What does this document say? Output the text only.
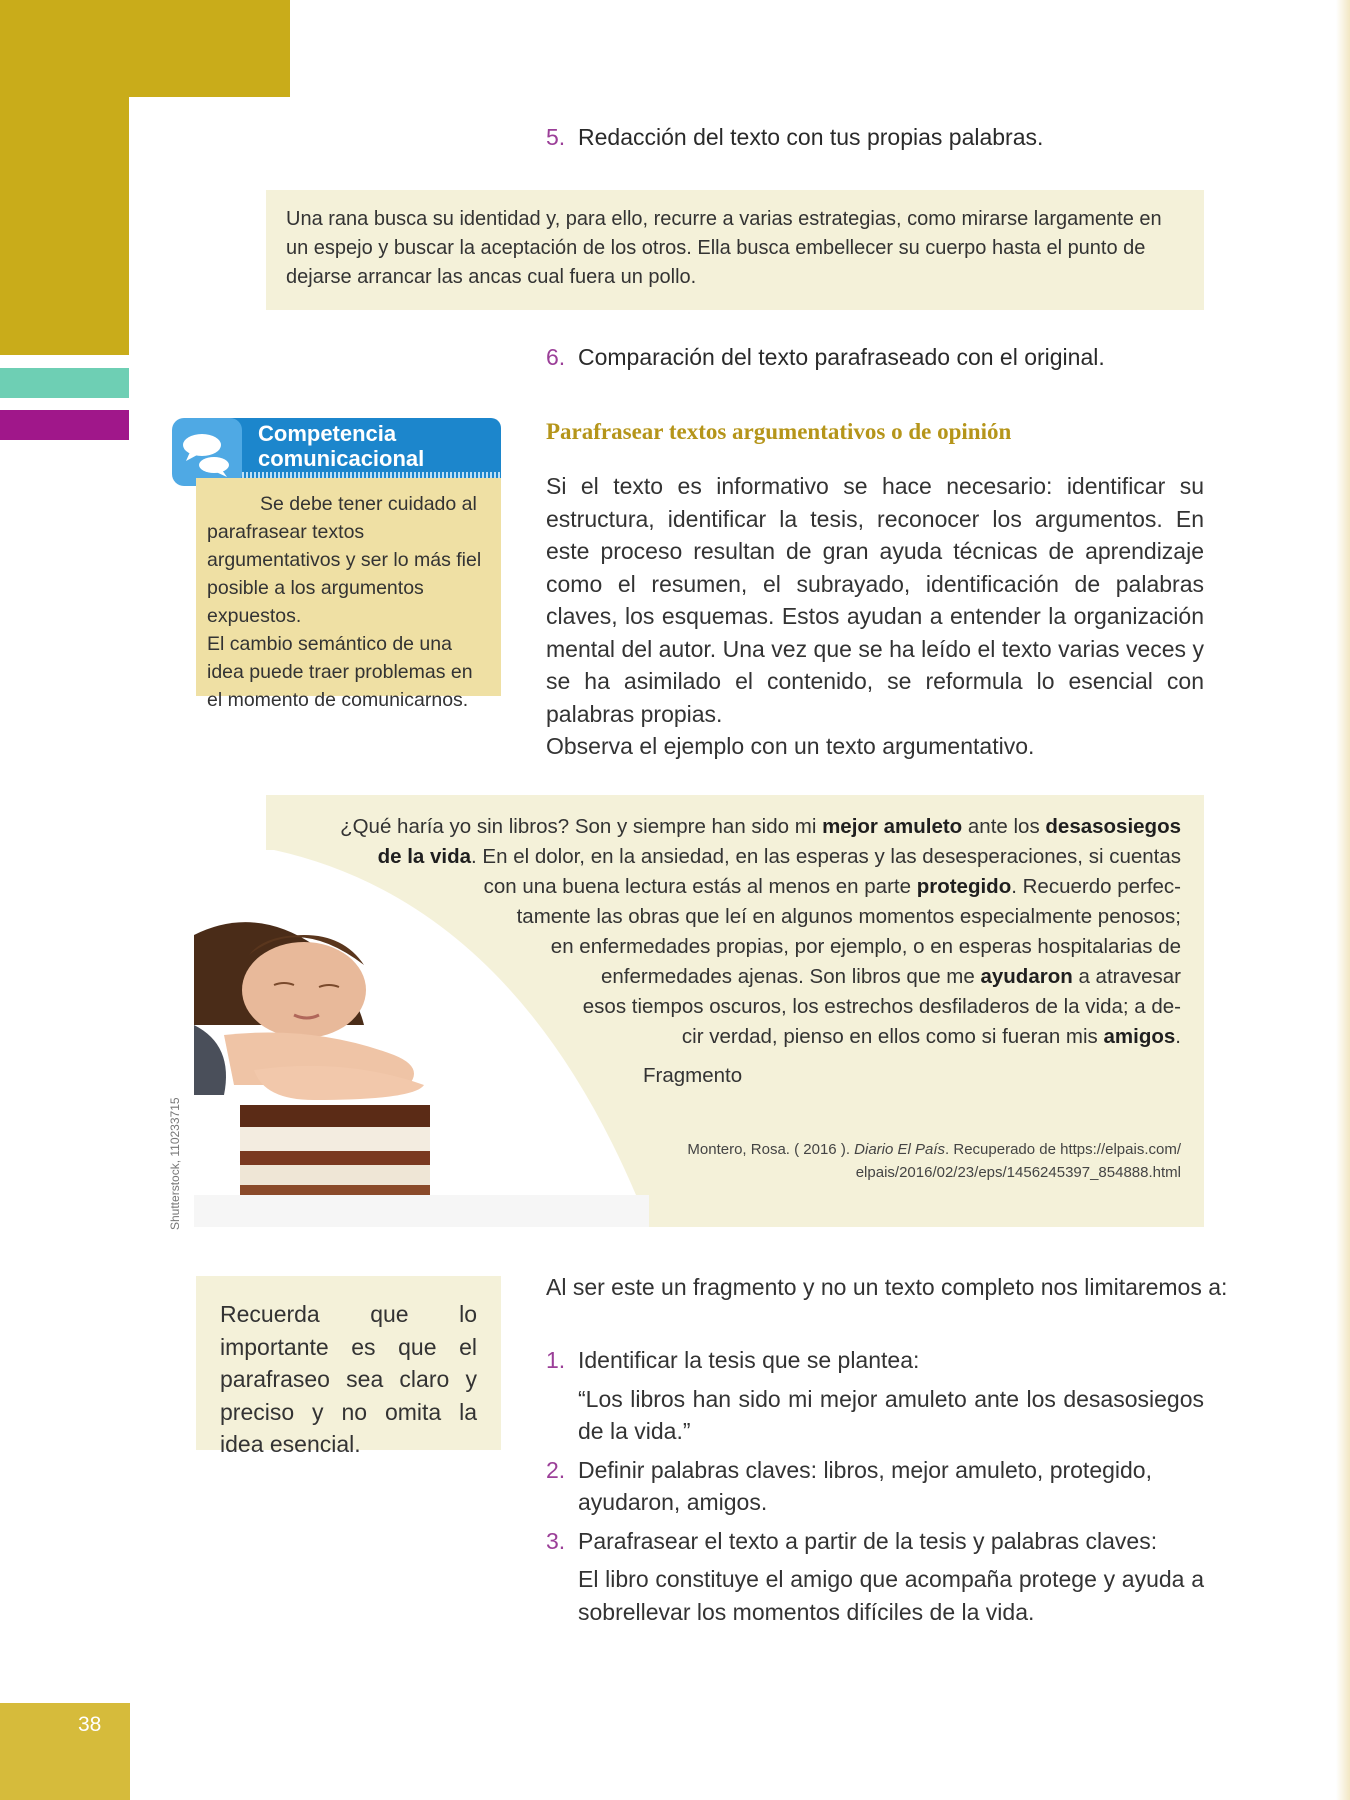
5. Redacción del texto con tus propias palabras.
Una rana busca su identidad y, para ello, recurre a varias estrategias, como mirarse largamente en un espejo y buscar la aceptación de los otros. Ella busca embellecer su cuerpo hasta el punto de dejarse arrancar las ancas cual fuera un pollo.
6. Comparación del texto parafraseado con el original.
Competencia
comunicacional
Se debe tener cuidado al parafrasear textos argumentativos y ser lo más fiel posible a los argumentos expuestos.
El cambio semántico de una idea puede traer problemas en el momento de comunicarnos.
Parafrasear textos argumentativos o de opinión
Si el texto es informativo se hace necesario: identificar su estructura, identificar la tesis, reconocer los argumentos. En este proceso resultan de gran ayuda técnicas de aprendizaje como el resumen, el subrayado, identificación de palabras claves, los esquemas. Estos ayudan a entender la organización mental del autor. Una vez que se ha leído el texto varias veces y se ha asimilado el contenido, se reformula lo esencial con palabras propias.
Observa el ejemplo con un texto argumentativo.
Shutterstock, 110233715
¿Qué haría yo sin libros? Son y siempre han sido mi mejor amuleto ante los desasosiegos
de la vida. En el dolor, en la ansiedad, en las esperas y las desesperaciones, si cuentas
con una buena lectura estás al menos en parte protegido. Recuerdo perfec-
tamente las obras que leí en algunos momentos especialmente penosos;
en enfermedades propias, por ejemplo, o en esperas hospitalarias de
enfermedades ajenas. Son libros que me ayudaron a atravesar
esos tiempos oscuros, los estrechos desfiladeros de la vida; a de-
cir verdad, pienso en ellos como si fueran mis amigos.
Fragmento
Montero, Rosa. ( 2016 ). Diario El País. Recuperado de https://elpais.com/
elpais/2016/02/23/eps/1456245397_854888.html
Recuerda que lo importante es que el parafraseo sea claro y preciso y no omita la idea esencial.
Al ser este un fragmento y no un texto completo nos limitaremos a:
1. Identificar la tesis que se plantea:
“Los libros han sido mi mejor amuleto ante los desasosiegos de la vida.”
2. Definir palabras claves: libros, mejor amuleto, protegido, ayudaron, amigos.
3. Parafrasear el texto a partir de la tesis y palabras claves:
El libro constituye el amigo que acompaña protege y ayuda a sobrellevar los momentos difíciles de la vida.
38
